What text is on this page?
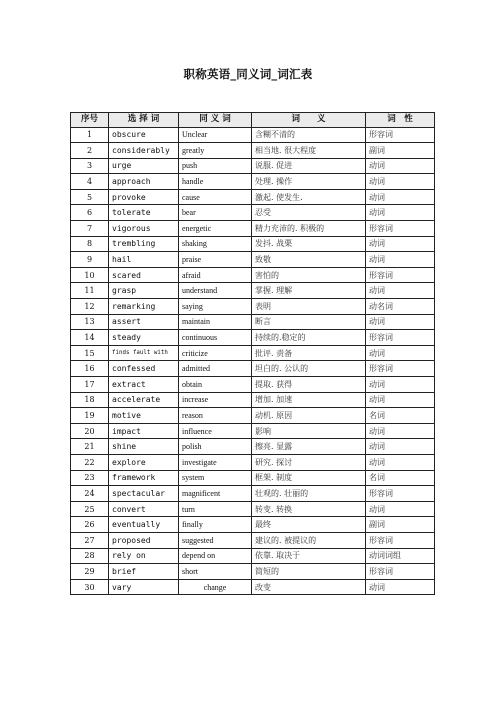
职称英语_同义词_词汇表
序号	选 择 词	同 义 词	词　　义	词　性
1	obscure	Unclear	含糊不清的	形容词
2	considerably	greatly	相当地. 很大程度	副词
3	urge	push	说服. 促进	动词
4	approach	handle	处理. 操作	动词
5	provoke	cause	激起. 使发生.	动词
6	tolerate	bear	忍受	动词
7	vigorous	energetic	精力充沛的. 积极的	形容词
8	trembling	shaking	发抖. 战栗	动词
9	hail	praise	致敬	动词
10	scared	afraid	害怕的	形容词
11	grasp	understand	掌握. 理解	动词
12	remarking	saying	表明	动名词
13	assert	maintain	断言	动词
14	steady	continuous	持续的.稳定的	形容词
15	finds fault with	criticize	批评. 责备	动词
16	confessed	admitted	坦白的. 公认的	形容词
17	extract	obtain	提取. 获得	动词
18	accelerate	increase	增加. 加速	动词
19	motive	reason	动机. 原因	名词
20	impact	influence	影响	动词
21	shine	polish	擦亮. 显露	动词
22	explore	investigate	研究. 探讨	动词
23	framework	system	框架. 制度	名词
24	spectacular	magnificent	壮观的. 壮丽的	形容词
25	convert	turn	转变. 转换	动词
26	eventually	finally	最终	副词
27	proposed	suggested	建议的. 被提议的	形容词
28	rely on	depend on	依靠. 取决于	动词词组
29	brief	short	简短的	形容词
30	vary	change	改变	动词
